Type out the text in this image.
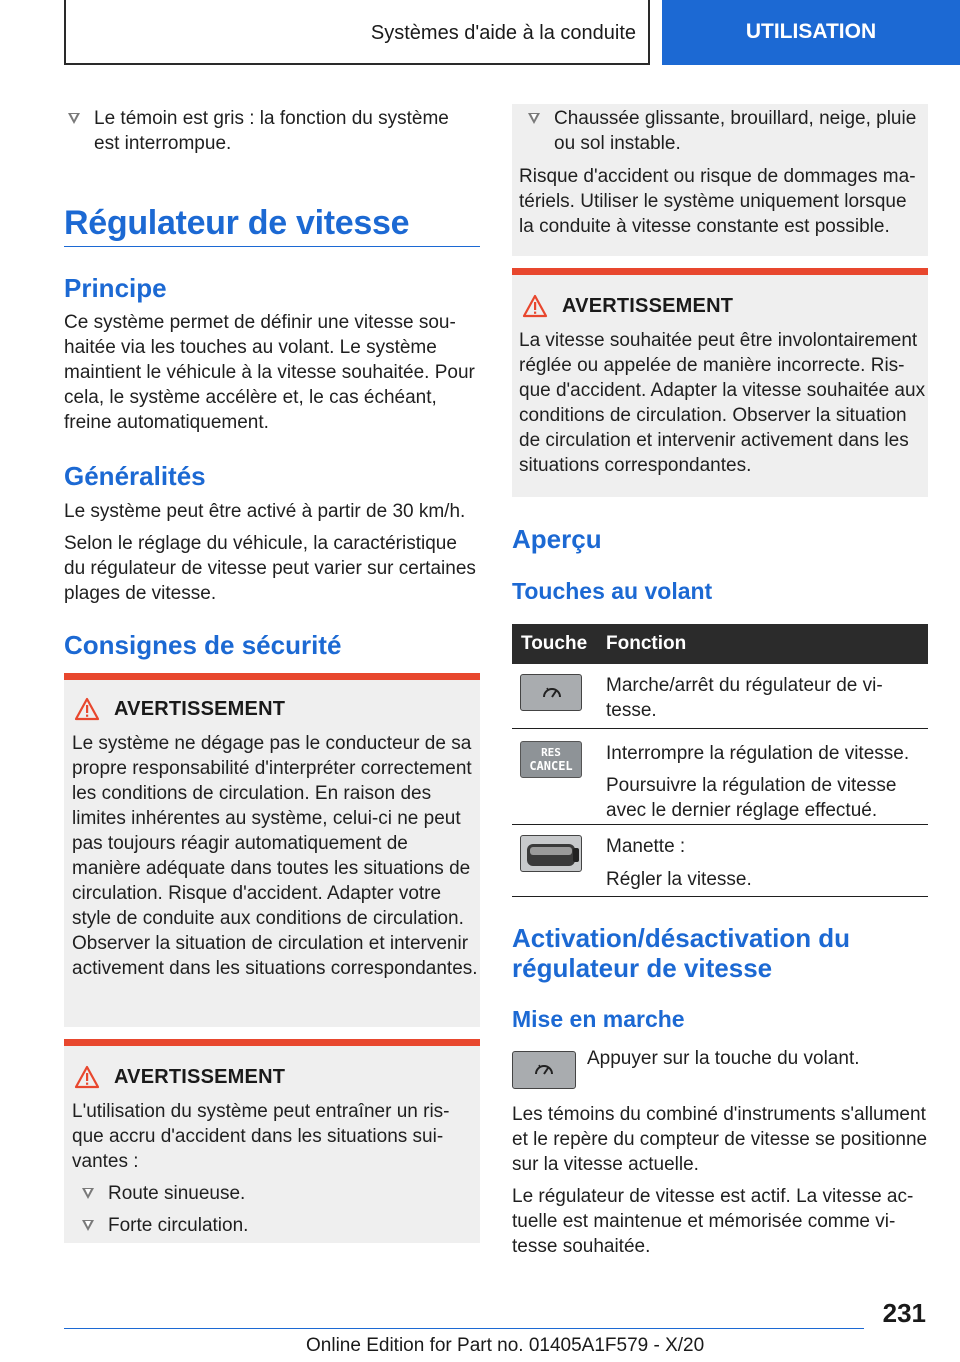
Systèmes d'aide à la conduite	UTILISATION
Le témoin est gris : la fonction du système est interrompue.
Régulateur de vitesse
Principe

Ce système permet de définir une vitesse souhaitée via les touches au volant. Le système maintient le véhicule à la vitesse souhaitée. Pour cela, le système accélère et, le cas échéant, freine automatiquement.

Généralités

Le système peut être activé à partir de 30 km/h.

Selon le réglage du véhicule, la caractéristique du régulateur de vitesse peut varier sur certaines plages de vitesse.

Consignes de sécurité
AVERTISSEMENT

Le système ne dégage pas le conducteur de sa propre responsabilité d'interpréter correctement les conditions de circulation. En raison des limites inhérentes au système, celui-ci ne peut pas toujours réagir automatiquement de manière adéquate dans toutes les situations de circulation. Risque d'accident. Adapter votre style de conduite aux conditions de circulation. Observer la situation de circulation et intervenir activement dans les situations correspondantes.

AVERTISSEMENT

L'utilisation du système peut entraîner un risque accru d'accident dans les situations suivantes :

Route sinueuse.
Forte circulation.
Chaussée glissante, brouillard, neige, pluie ou sol instable.

Risque d'accident ou risque de dommages matériels. Utiliser le système uniquement lorsque la conduite à vitesse constante est possible.

AVERTISSEMENT

La vitesse souhaitée peut être involontairement réglée ou appelée de manière incorrecte. Risque d'accident. Adapter la vitesse souhaitée aux conditions de circulation. Observer la situation de circulation et intervenir activement dans les situations correspondantes.

Aperçu
Touches au volant
Touche Fonction

Marche/arrêt du régulateur de vitesse.

RES
CANCEL

Interrompre la régulation de vitesse.

Poursuivre la régulation de vitesse avec le dernier réglage effectué.

Manette :

Régler la vitesse.

Activation/désactivation du régulateur de vitesse
Mise en marche

Appuyer sur la touche du volant.

Les témoins du combiné d'instruments s'allument et le repère du compteur de vitesse se positionne sur la vitesse actuelle.

Le régulateur de vitesse est actif. La vitesse actuelle est maintenue et mémorisée comme vitesse souhaitée.

231
Online Edition for Part no. 01405A1F579 - X/20
